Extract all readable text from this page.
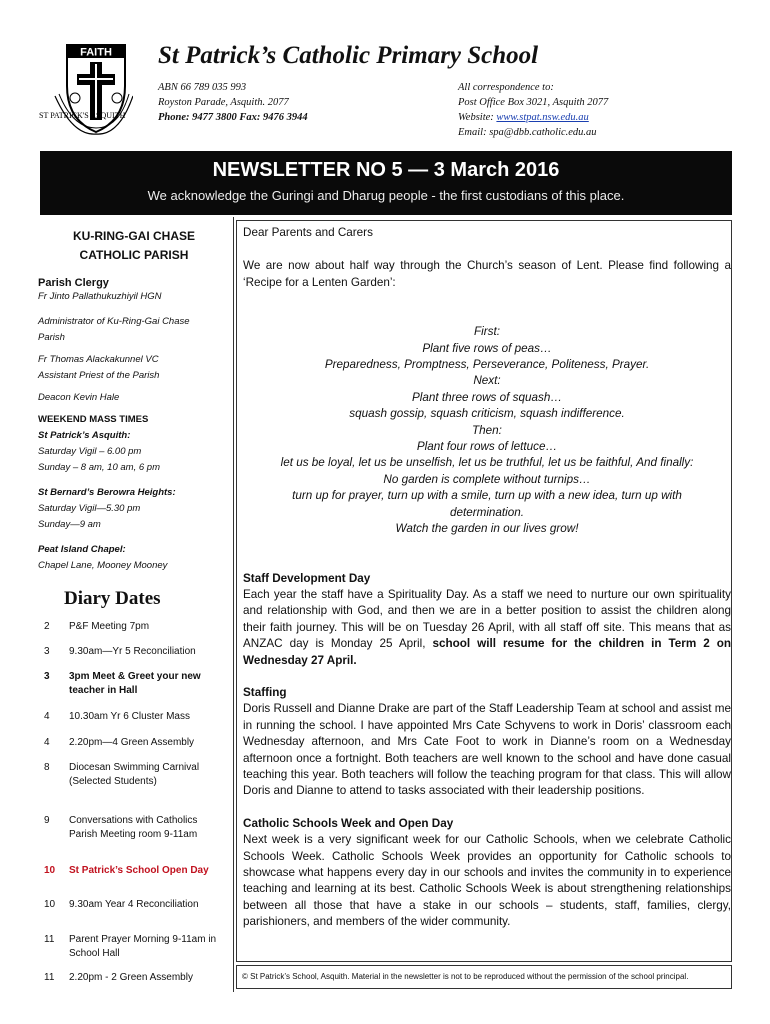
FAITH
ST PATRICK'S ASQUITH
St Patrick’s Catholic Primary School
ABN 66 789 035 993
Royston Parade, Asquith. 2077
Phone: 9477 3800 Fax: 9476 3944
All correspondence to:
Post Office Box 3021, Asquith 2077
Website: www.stpat.nsw.edu.au
Email: spa@dbb.catholic.edu.au
NEWSLETTER NO 5 — 3 March 2016
We acknowledge the Guringi and Dharug people - the first custodians of this place.
KU-RING-GAI CHASE
CATHOLIC PARISH
Parish Clergy
Fr Jinto Pallathukuzhiyil HGN
Administrator of Ku-Ring-Gai Chase
Parish
Fr Thomas Alackakunnel VC
Assistant Priest of the Parish
Deacon Kevin Hale
WEEKEND MASS TIMES
St Patrick’s Asquith:
Saturday Vigil – 6.00 pm
Sunday – 8 am, 10 am, 6 pm
St Bernard’s Berowra Heights:
Saturday Vigil—5.30 pm
Sunday—9 am
Peat Island Chapel:
Chapel Lane, Mooney Mooney
Diary Dates
2 P&F Meeting 7pm
3 9.30am—Yr 5 Reconciliation
3 3pm Meet & Greet your new teacher in Hall
4 10.30am Yr 6 Cluster Mass
4 2.20pm—4 Green Assembly
8 Diocesan Swimming Carnival (Selected Students)
9 Conversations with Catholics Parish Meeting room 9-11am
10 St Patrick’s School Open Day
10 9.30am Year 4 Reconciliation
11 Parent Prayer Morning 9-11am in School Hall
11 2.20pm - 2 Green Assembly

Dear Parents and Carers

We are now about half way through the Church’s season of Lent. Please find following a ‘Recipe for a Lenten Garden’:

First:
Plant five rows of peas…
Preparedness, Promptness, Perseverance, Politeness, Prayer.
Next:
Plant three rows of squash…
squash gossip, squash criticism, squash indifference.
Then:
Plant four rows of lettuce…
let us be loyal, let us be unselfish, let us be truthful, let us be faithful, And finally:
No garden is complete without turnips…
turn up for prayer, turn up with a smile, turn up with a new idea, turn up with determination.
Watch the garden in our lives grow!

Staff Development Day

Each year the staff have a Spirituality Day. As a staff we need to nurture our own spirituality and relationship with God, and then we are in a better position to assist the children along their faith journey. This will be on Tuesday 26 April, with all staff off site. This means that as ANZAC day is Monday 25 April, school will resume for the children in Term 2 on Wednesday 27 April.

Staffing

Doris Russell and Dianne Drake are part of the Staff Leadership Team at school and assist me in running the school. I have appointed Mrs Cate Schyvens to work in Doris’ classroom each Wednesday afternoon, and Mrs Cate Foot to work in Dianne’s room on a Wednesday afternoon once a fortnight. Both teachers are well known to the school and have done casual teaching this year. Both teachers will follow the teaching program for that class. This will allow Doris and Dianne to attend to tasks associated with their leadership positions.

Catholic Schools Week and Open Day

Next week is a very significant week for our Catholic Schools, when we celebrate Catholic Schools Week. Catholic Schools Week provides an opportunity for Catholic schools to showcase what happens every day in our schools and invites the community in to experience teaching and learning at its best. Catholic Schools Week is about strengthening relationships between all those that have a stake in our schools – students, staff, families, clergy, parishioners, and members of the wider community.

© St Patrick’s School, Asquith. Material in the newsletter is not to be reproduced without the permission of the school principal.
